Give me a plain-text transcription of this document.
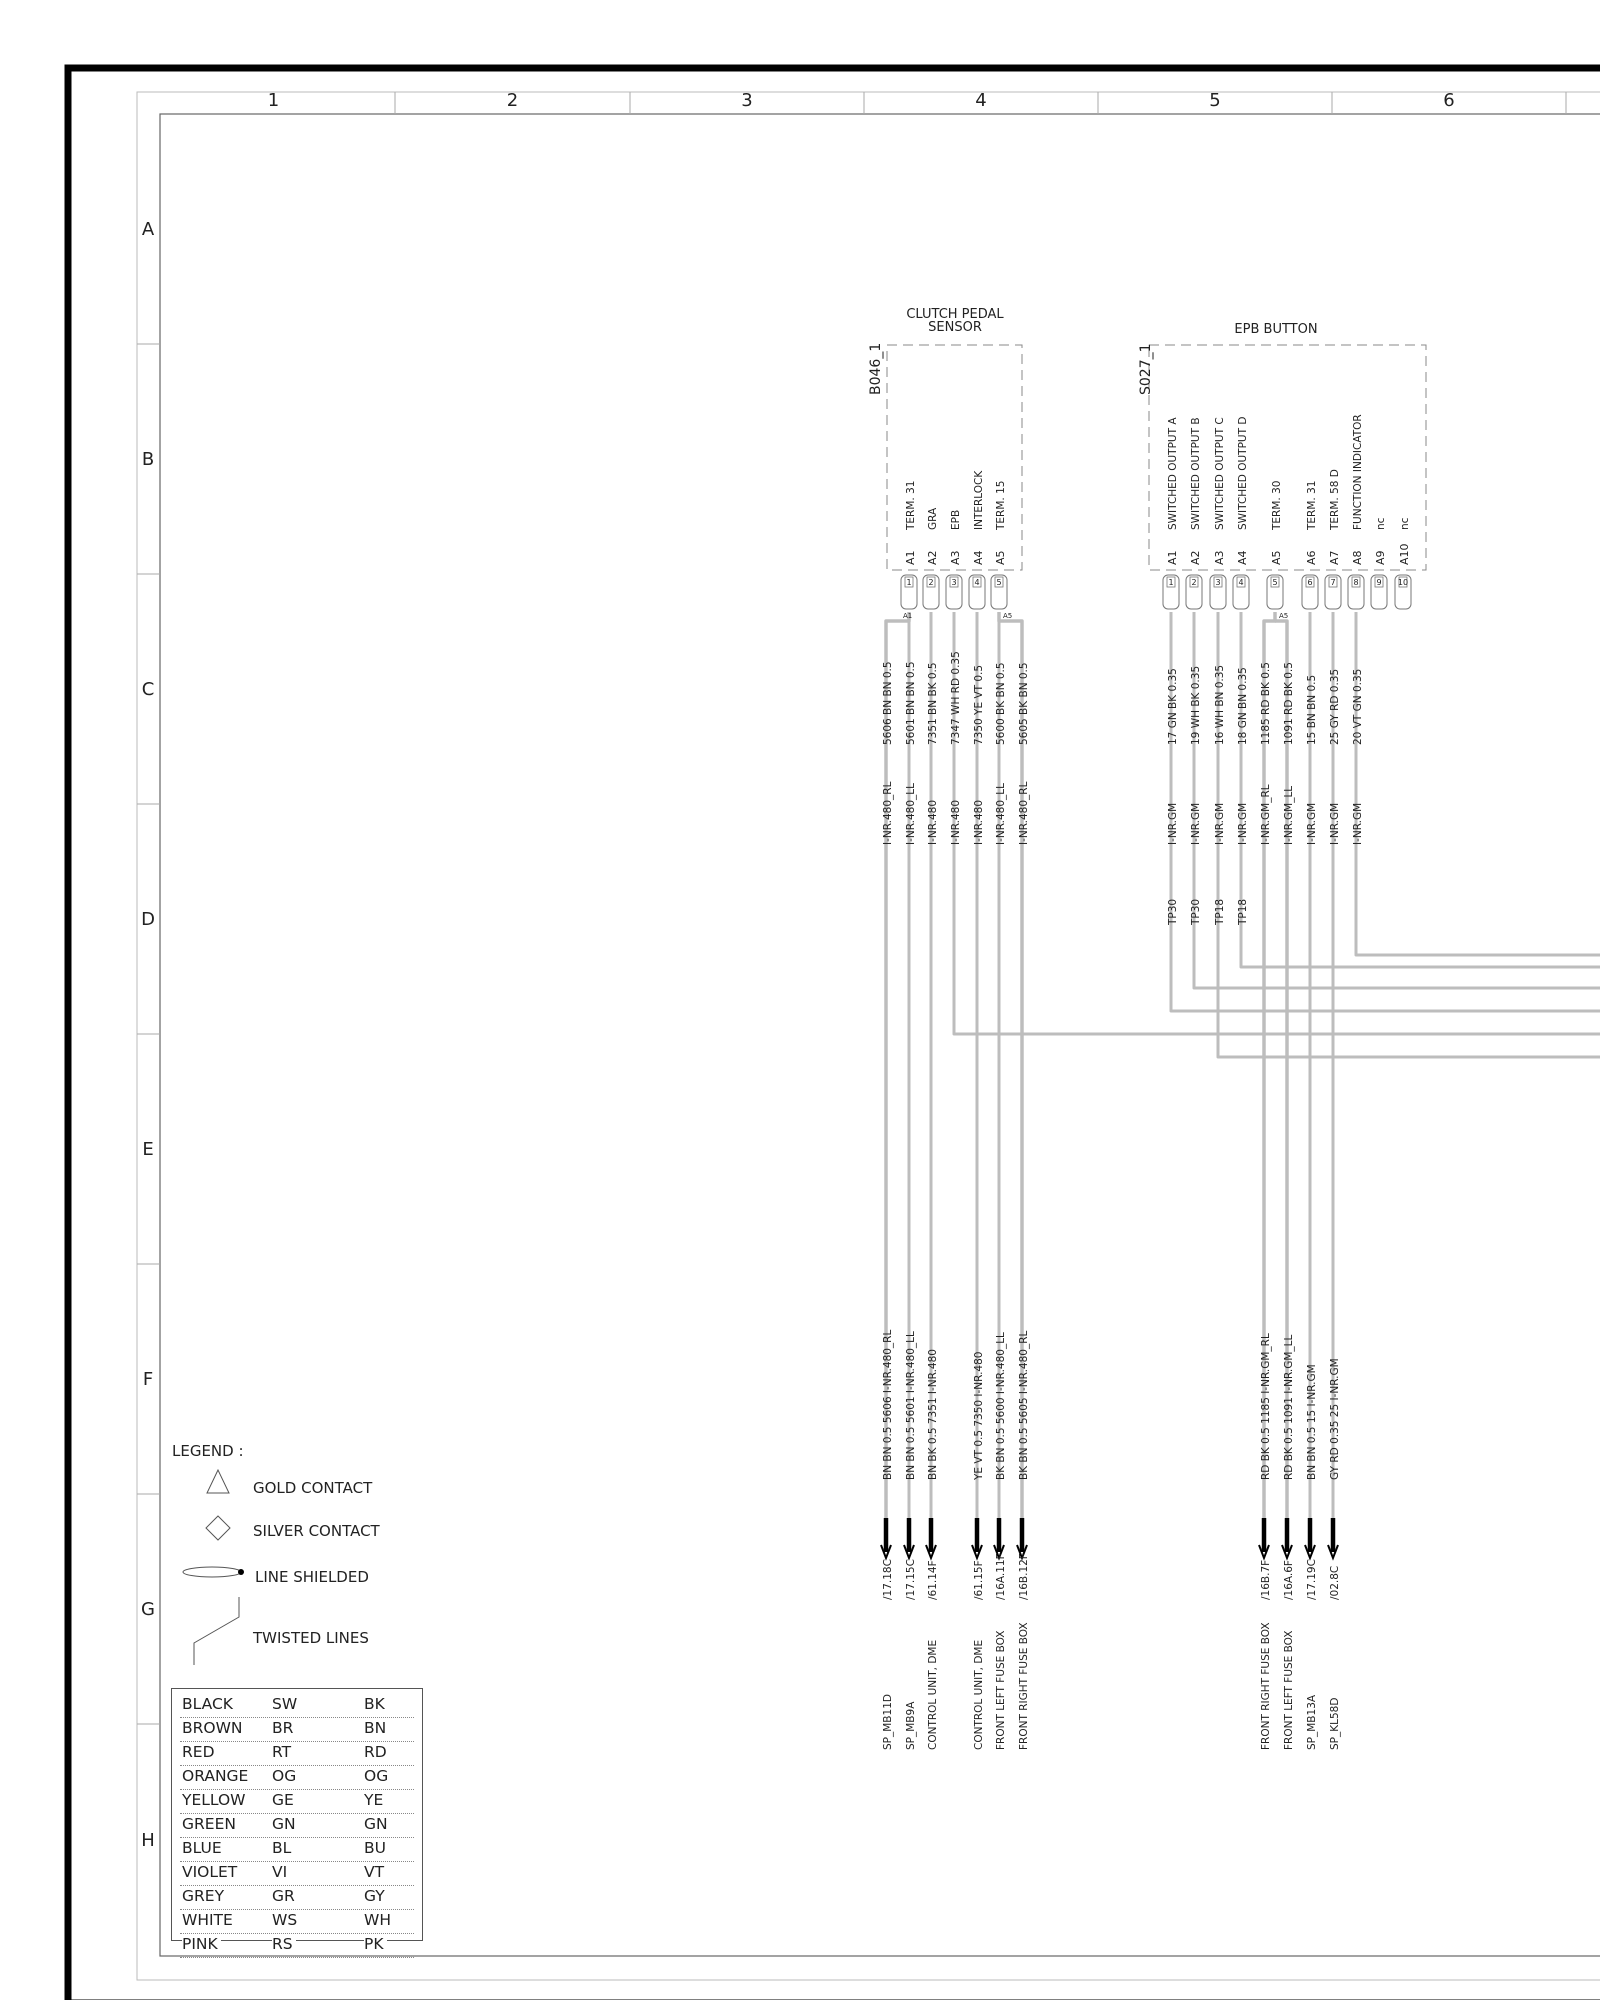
1	2	3	4	5	6
A
B
C
D
E
F
G
H
CLUTCH PEDAL
SENSOR
B046_1
TERM. 31
A1
1
GRA
A2
2
EPB
A3
3
INTERLOCK
A4
4
TERM. 15
A5
5
EPB BUTTON
S027_1
SWITCHED OUTPUT A
A1
1
SWITCHED OUTPUT B
A2
2
SWITCHED OUTPUT C
A3
3
SWITCHED OUTPUT D
A4
4
TERM. 30
A5
5
TERM. 31
A6
6
TERM. 58 D
A7
7
FUNCTION INDICATOR
A8
8
nc
A9
9
nc
A10
10
A1	A5
5606 BN BN 0.5
I-NR.480_RL
5601 BN BN 0.5
I-NR.480_LL
7351 BN BK 0.5
I-NR.480
7347 WH RD 0.35
I-NR.480
7350 YE VT 0.5
I-NR.480
5600 BK BN 0.5
I-NR.480_LL
5605 BK BN 0.5
I-NR.480_RL
A5
17 GN BK 0.35
I-NR.GM
TP30
19 WH BK 0.35
I-NR.GM
TP30
16 WH BN 0.35
I-NR.GM
TP18
18 GN BN 0.35
I-NR.GM
TP18
1185 RD BK 0.5
I-NR.GM_RL
1091 RD BK 0.5
I-NR.GM_LL
15 BN BN 0.5
I-NR.GM
25 GY RD 0.35
I-NR.GM
20 VT GN 0.35
I-NR.GM
BN BN 0.5 5606 I-NR.480_RL
/17.18C
SP_MB11D
BN BN 0.5 5601 I-NR.480_LL
/17.15C
SP_MB9A
BN BK 0.5 7351 I-NR.480
/61.14F
CONTROL UNIT, DME
YE VT 0.5 7350 I-NR.480
/61.15F
CONTROL UNIT, DME
BK BN 0.5 5600 I-NR.480_LL
/16A.11F
FRONT LEFT FUSE BOX
BK BN 0.5 5605 I-NR.480_RL
/16B.12F
FRONT RIGHT FUSE BOX
RD BK 0.5 1185 I-NR.GM_RL
/16B.7F
FRONT RIGHT FUSE BOX
RD BK 0.5 1091 I-NR.GM_LL
/16A.6F
FRONT LEFT FUSE BOX
BN BN 0.5 15 I-NR.GM
/17.19C
SP_MB13A
GY RD 0.35 25 I-NR.GM
/02.8C
SP_KL58D
LEGEND :
GOLD CONTACT
SILVER CONTACT
LINE SHIELDED
TWISTED LINES
BLACK	SW	BK
BROWN BR	BN
RED	RT	RD
ORANGE OG	OG
YELLOW GE	YE
GREEN GN	GN
BLUE	BL	BU
VIOLET VI	VT
GREY	GR	GY
WHITE	WS	WH
PINK	RS	PK
